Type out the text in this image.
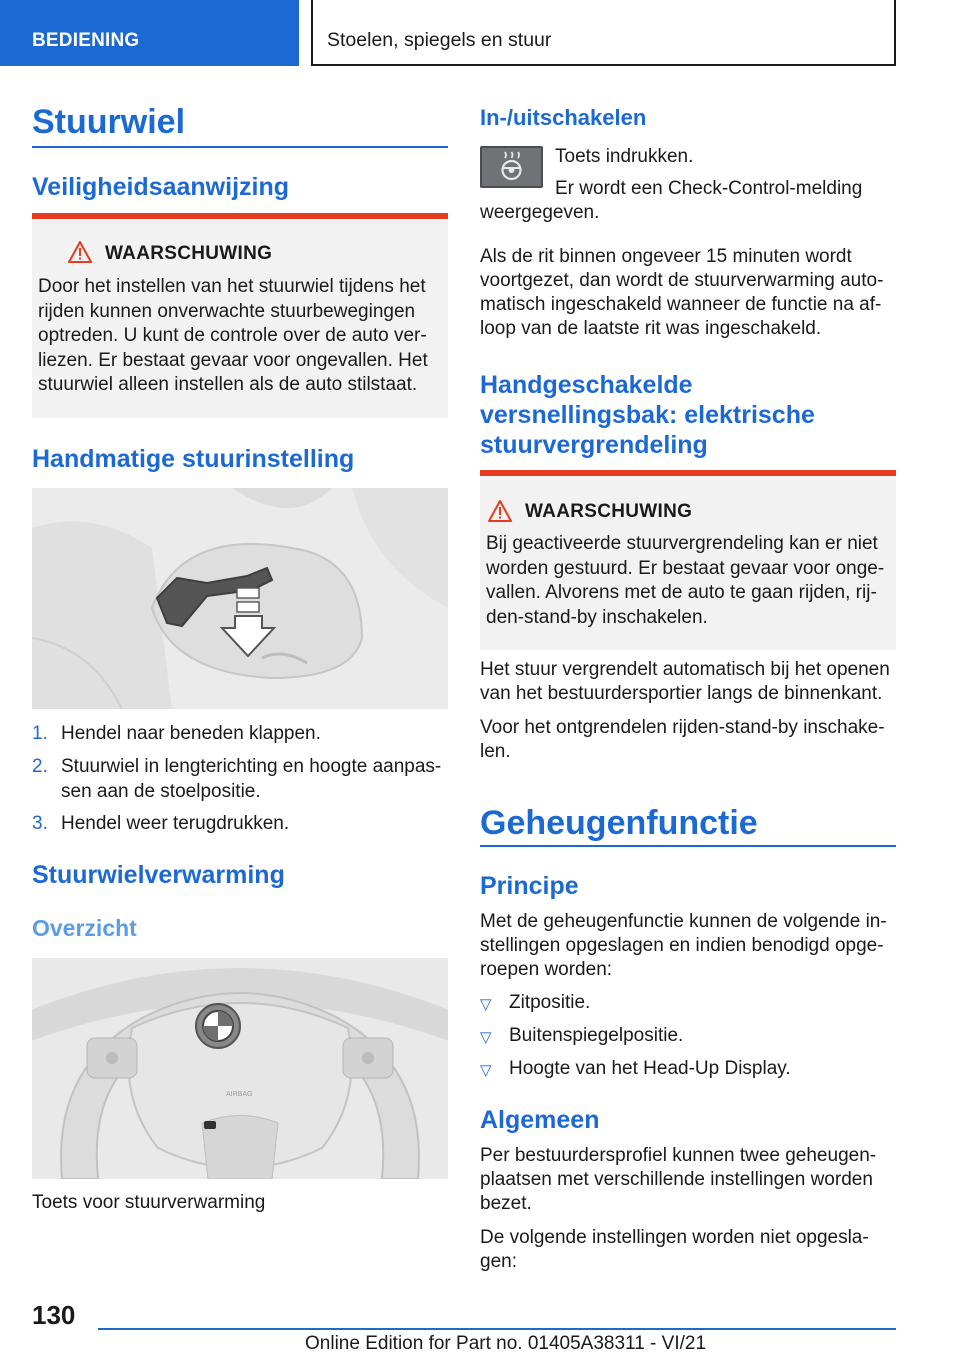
BEDIENING	Stoelen, spiegels en stuur
Stuurwiel
Veiligheidsaanwijzing
WAARSCHUWING
Door het instellen van het stuurwiel tijdens het
rijden kunnen onverwachte stuurbewegingen
optreden. U kunt de controle over de auto ver-
liezen. Er bestaat gevaar voor ongevallen. Het
stuurwiel alleen instellen als de auto stilstaat.
Handmatige stuurinstelling
1. Hendel naar beneden klappen.
2. Stuurwiel in lengterichting en hoogte aanpas-
sen aan de stoelpositie.
3. Hendel weer terugdrukken.
Stuurwielverwarming
Overzicht
AIRBAG
Toets voor stuurverwarming
In-/uitschakelen
Toets indrukken.
Er wordt een Check-Control-melding
weergegeven.
Als de rit binnen ongeveer 15 minuten wordt
voortgezet, dan wordt de stuurverwarming auto-
matisch ingeschakeld wanneer de functie na af-
loop van de laatste rit was ingeschakeld.
Handgeschakelde
versnellingsbak: elektrische
stuurvergrendeling
WAARSCHUWING
Bij geactiveerde stuurvergrendeling kan er niet
worden gestuurd. Er bestaat gevaar voor onge-
vallen. Alvorens met de auto te gaan rijden, rij-
den-stand-by inschakelen.
Het stuur vergrendelt automatisch bij het openen
van het bestuurdersportier langs de binnenkant.
Voor het ontgrendelen rijden-stand-by inschake-
len.
Geheugenfunctie
Principe
Met de geheugenfunctie kunnen de volgende in-
stellingen opgeslagen en indien benodigd opge-
roepen worden:
▽ Zitpositie.
▽ Buitenspiegelpositie.
▽ Hoogte van het Head-Up Display.
Algemeen
Per bestuurdersprofiel kunnen twee geheugen-
plaatsen met verschillende instellingen worden
bezet.
De volgende instellingen worden niet opgesla-
gen:
130
Online Edition for Part no. 01405A38311 - VI/21
